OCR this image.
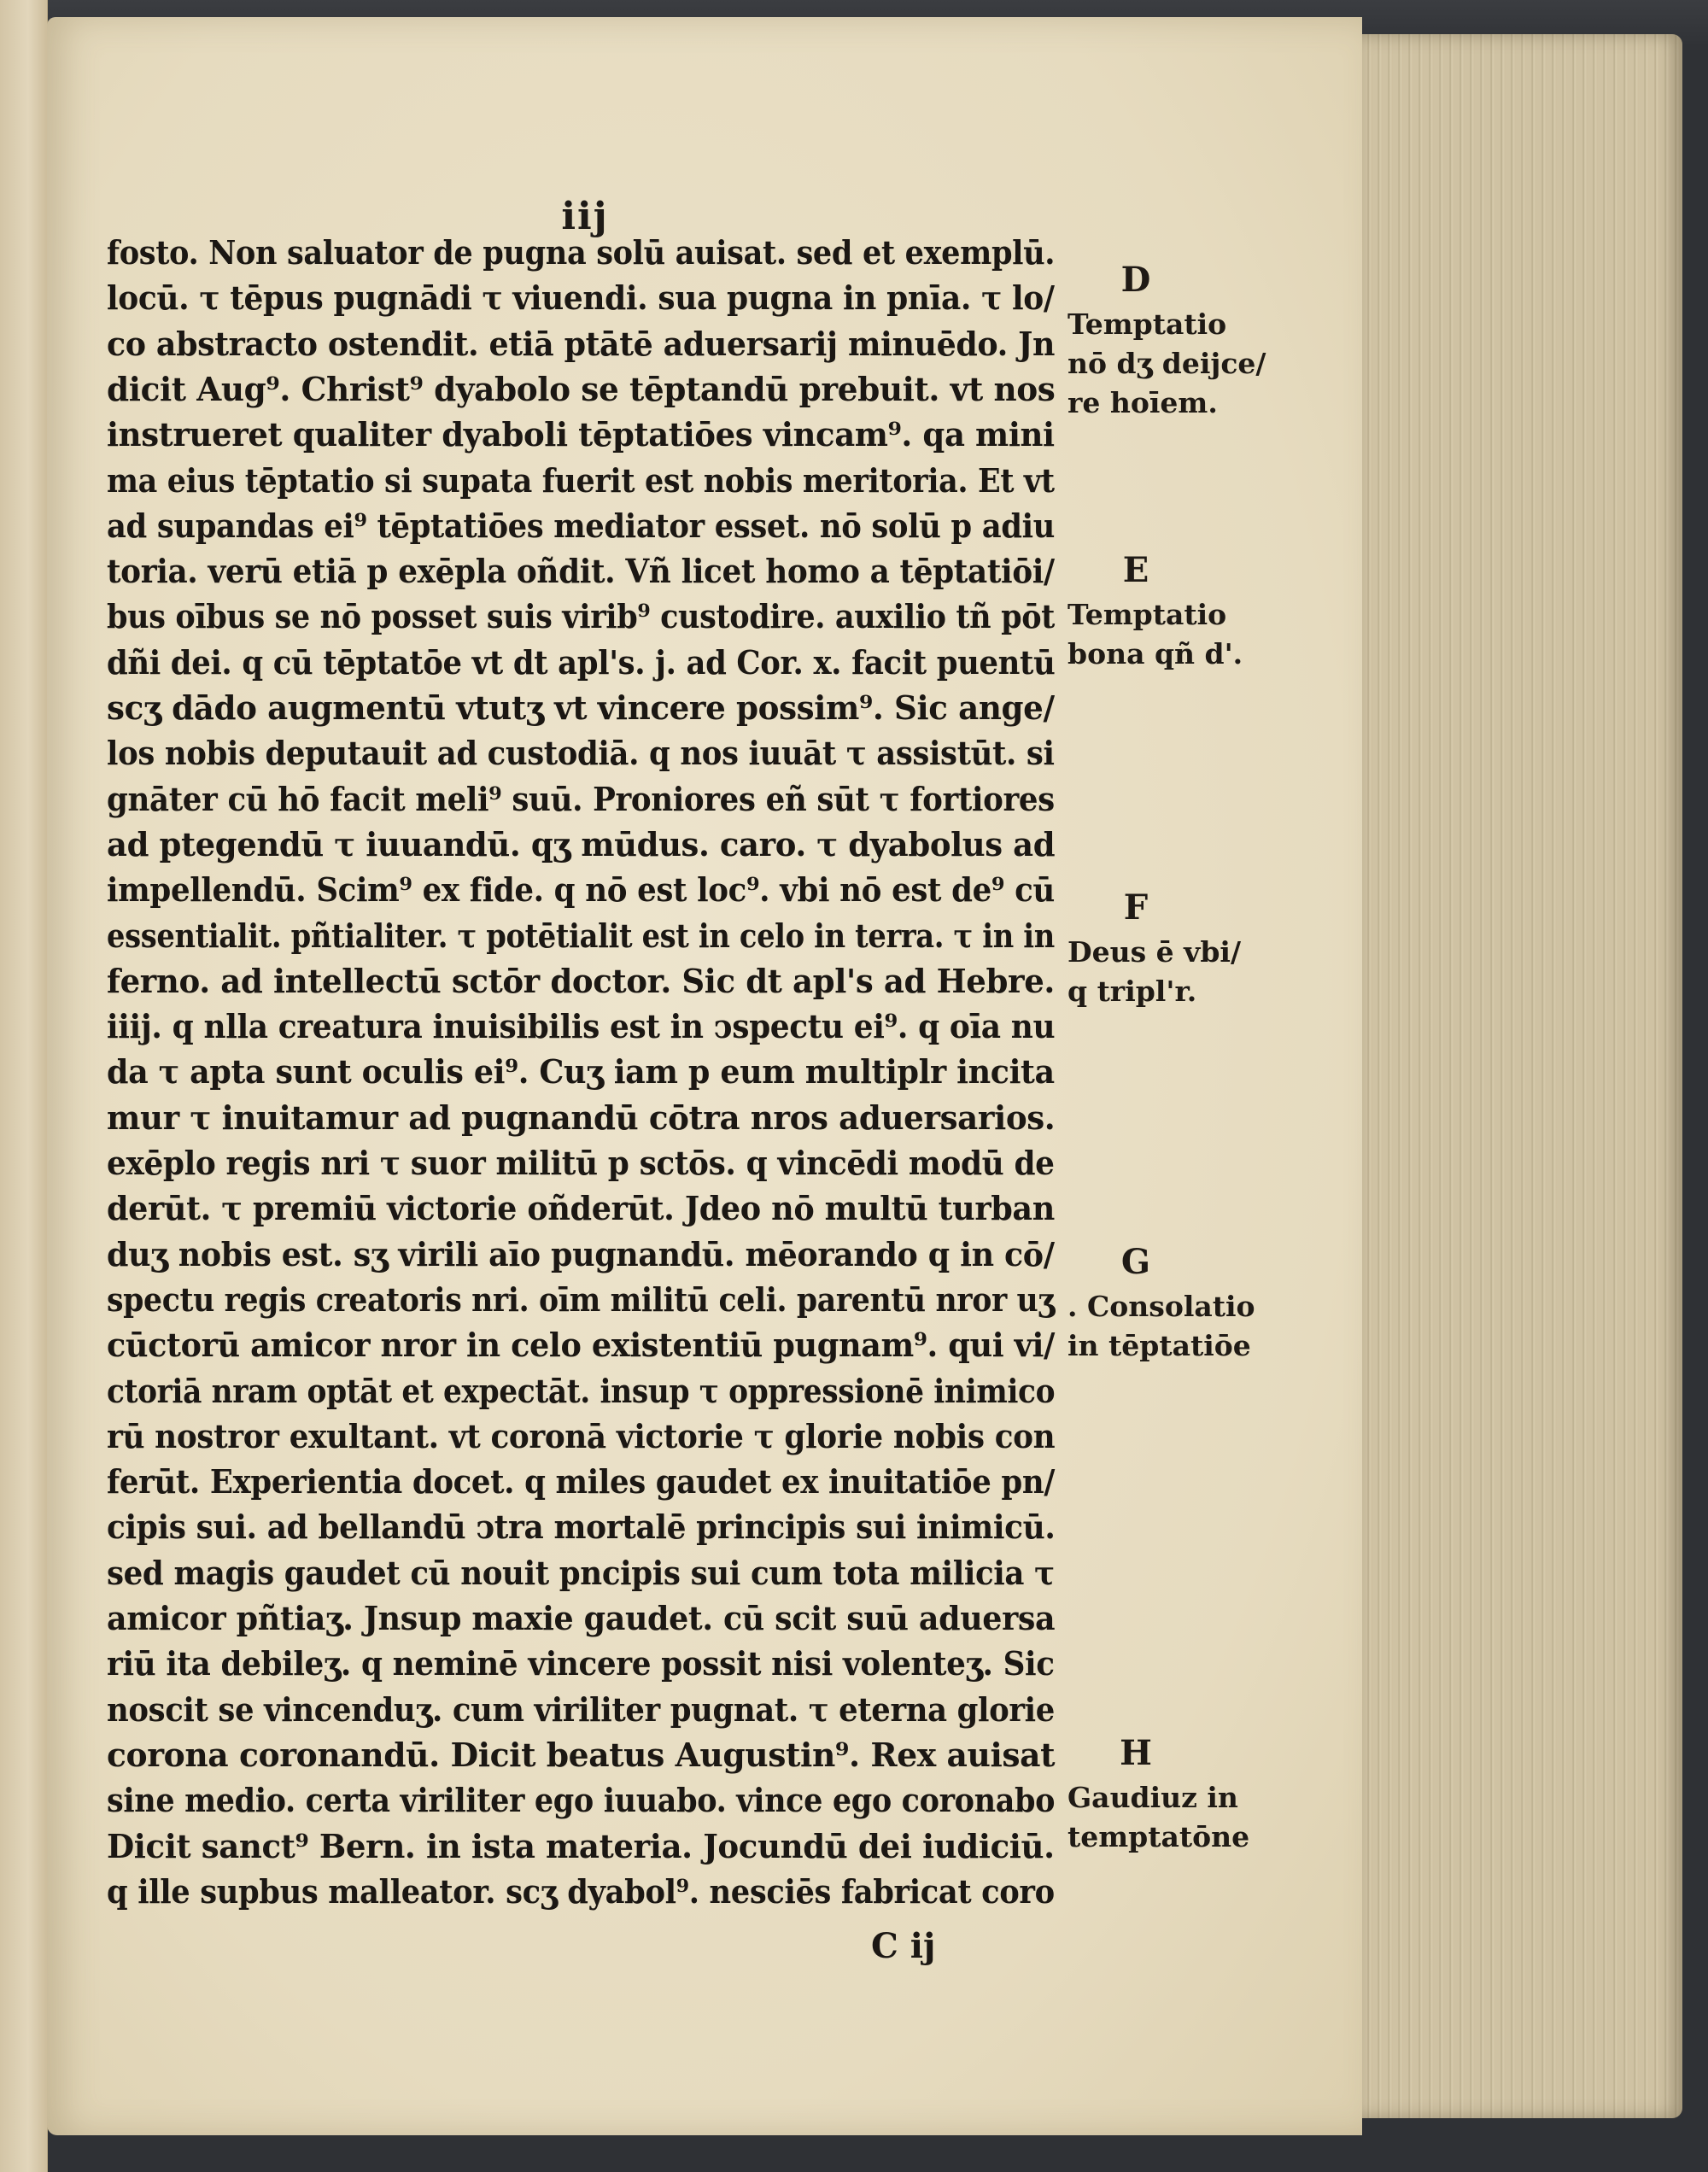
iij
fosto. Non saluator de pugna solū auisat. sed et exemplū.
locū. τ tēpus pugnādi τ viuendi. sua pugna in pnīa. τ lo/
co abstracto ostendit. etiā ptātē aduersarij minuēdo. Jn
dicit Aug⁹. Christ⁹ dyabolo se tēptandū prebuit. vt nos
instrueret qualiter dyaboli tēptatiōes vincam⁹. qa mini
ma eius tēptatio si supata fuerit est nobis meritoria. Et vt
ad supandas ei⁹ tēptatiōes mediator esset. nō solū p adiu
toria. verū etiā p exēpla oñdit. Vñ licet homo a tēptatiōi/
bus oībus se nō posset suis virib⁹ custodire. auxilio tñ pōt
dñi dei. q cū tēptatōe vt dt apl's. j. ad Cor. x. facit puentū
scʒ dādo augmentū vtutʒ vt vincere possim⁹. Sic ange/
los nobis deputauit ad custodiā. q nos iuuāt τ assistūt. si
gnāter cū hō facit meli⁹ suū. Proniores eñ sūt τ fortiores
ad ptegendū τ iuuandū. qʒ mūdus. caro. τ dyabolus ad
impellendū. Scim⁹ ex fide. q nō est loc⁹. vbi nō est de⁹ cū
essentialit. pñtialiter. τ potētialit est in celo in terra. τ in in
ferno. ad intellectū sctōr doctor. Sic dt apl's ad Hebre.
iiij. q nlla creatura inuisibilis est in ↄspectu ei⁹. q oīa nu
da τ apta sunt oculis ei⁹. Cuʒ iam p eum multiplr incita
mur τ inuitamur ad pugnandū cōtra nros aduersarios.
exēplo regis nri τ suor militū p sctōs. q vincēdi modū de
derūt. τ premiū victorie oñderūt. Jdeo nō multū turban
duʒ nobis est. sʒ virili aīo pugnandū. mēorando q in cō/
spectu regis creatoris nri. oīm militū celi. parentū nror uʒ
cūctorū amicor nror in celo existentiū pugnam⁹. qui vi/
ctoriā nram optāt et expectāt. insup τ oppressionē inimico
rū nostror exultant. vt coronā victorie τ glorie nobis con
ferūt. Experientia docet. q miles gaudet ex inuitatiōe pn/
cipis sui. ad bellandū ↄtra mortalē principis sui inimicū.
sed magis gaudet cū nouit pncipis sui cum tota milicia τ
amicor pñtiaʒ. Jnsup maxie gaudet. cū scit suū aduersa
riū ita debileʒ. q neminē vincere possit nisi volenteʒ. Sic
noscit se vincenduʒ. cum viriliter pugnat. τ eterna glorie
corona coronandū. Dicit beatus Augustin⁹. Rex auisat
sine medio. certa viriliter ego iuuabo. vince ego coronabo
Dicit sanct⁹ Bern. in ista materia. Jocundū dei iudiciū.
q ille supbus malleator. scʒ dyabol⁹. nesciēs fabricat coro
D
Temptatio
nō dʒ deijce/
re hoīem.
E
Temptatio
bona qñ d'.
F
Deus ē vbi/
q tripl'r.
G
. Consolatio
in tēptatiōe
H
Gaudiuz in
temptatōne
C ij
